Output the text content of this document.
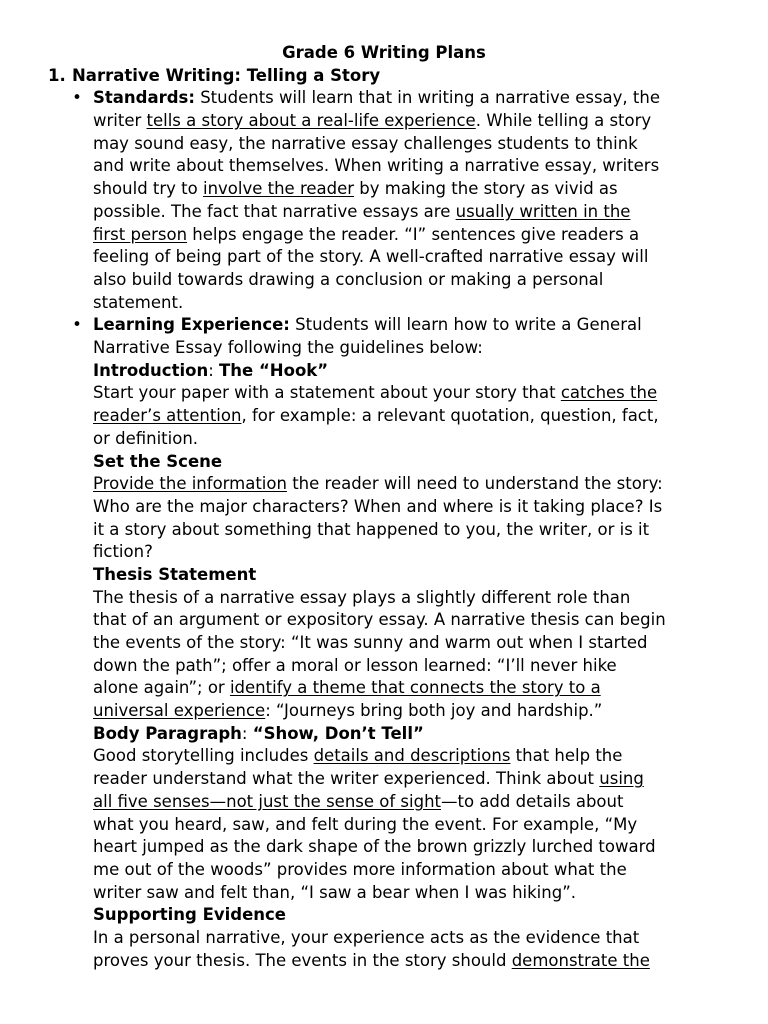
Grade 6 Writing Plans
1. Narrative Writing: Telling a Story
• Standards: Students will learn that in writing a narrative essay, the
writer tells a story about a real-life experience. While telling a story
may sound easy, the narrative essay challenges students to think
and write about themselves. When writing a narrative essay, writers
should try to involve the reader by making the story as vivid as
possible. The fact that narrative essays are usually written in the
first person helps engage the reader. “I” sentences give readers a
feeling of being part of the story. A well-crafted narrative essay will
also build towards drawing a conclusion or making a personal
statement.
• Learning Experience: Students will learn how to write a General
Narrative Essay following the guidelines below:
Introduction: The “Hook”
Start your paper with a statement about your story that catches the
reader’s attention, for example: a relevant quotation, question, fact,
or definition.
Set the Scene
Provide the information the reader will need to understand the story:
Who are the major characters? When and where is it taking place? Is
it a story about something that happened to you, the writer, or is it
fiction?
Thesis Statement
The thesis of a narrative essay plays a slightly different role than
that of an argument or expository essay. A narrative thesis can begin
the events of the story: “It was sunny and warm out when I started
down the path”; offer a moral or lesson learned: “I’ll never hike
alone again”; or identify a theme that connects the story to a
universal experience: “Journeys bring both joy and hardship.”
Body Paragraph: “Show, Don’t Tell”
Good storytelling includes details and descriptions that help the
reader understand what the writer experienced. Think about using
all five senses—not just the sense of sight—to add details about
what you heard, saw, and felt during the event. For example, “My
heart jumped as the dark shape of the brown grizzly lurched toward
me out of the woods” provides more information about what the
writer saw and felt than, “I saw a bear when I was hiking”.
Supporting Evidence
In a personal narrative, your experience acts as the evidence that
proves your thesis. The events in the story should demonstrate the
